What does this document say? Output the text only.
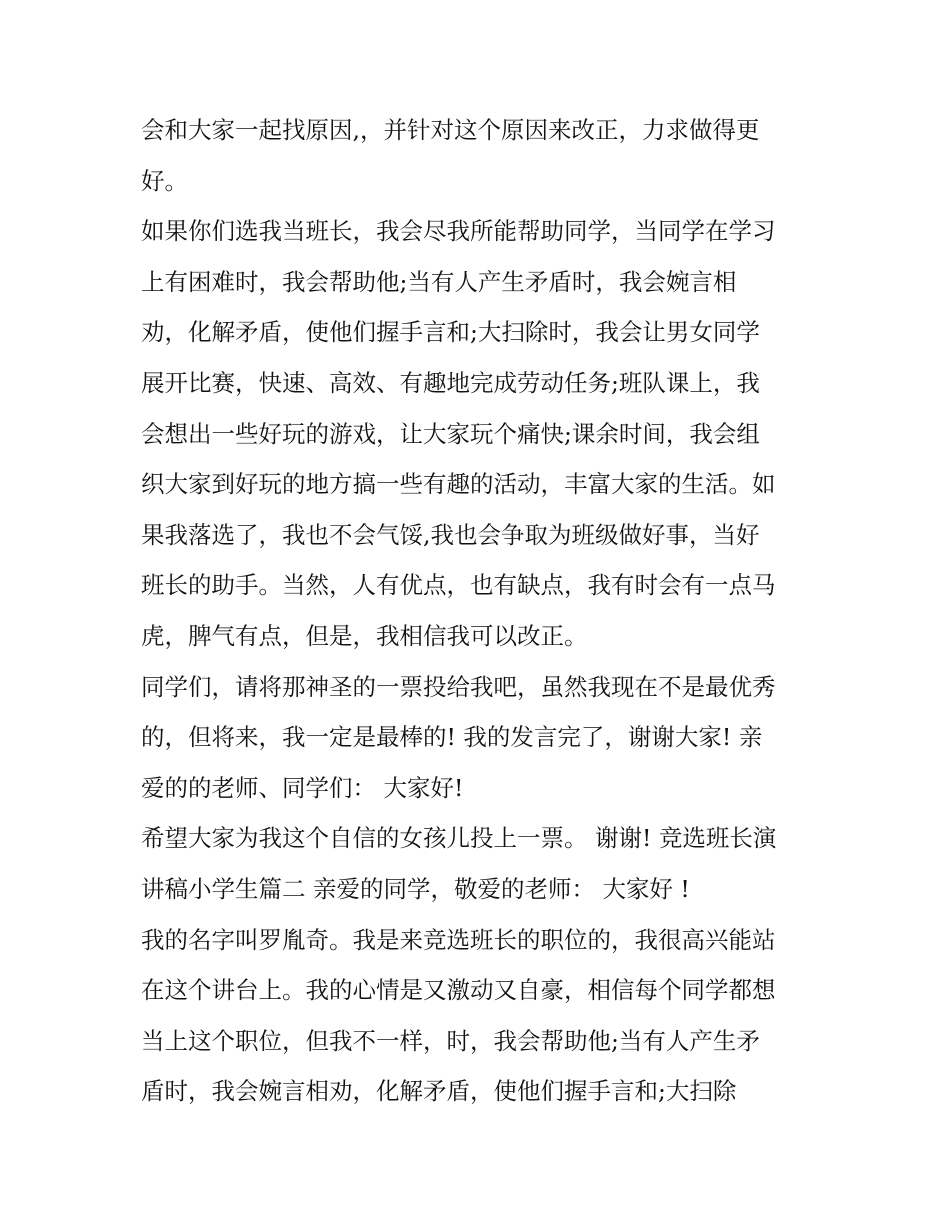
会和大家一起找原因,，并针对这个原因来改正，力求做得更

好。

如果你们选我当班长，我会尽我所能帮助同学，当同学在学习

上有困难时，我会帮助他;当有人产生矛盾时，我会婉言相

劝，化解矛盾，使他们握手言和;大扫除时，我会让男女同学

展开比赛，快速、高效、有趣地完成劳动任务;班队课上，我

会想出一些好玩的游戏，让大家玩个痛快;课余时间，我会组

织大家到好玩的地方搞一些有趣的活动，丰富大家的生活。如

果我落选了，我也不会气馁,我也会争取为班级做好事，当好

班长的助手。当然，人有优点，也有缺点，我有时会有一点马

虎，脾气有点，但是，我相信我可以改正。

同学们，请将那神圣的一票投给我吧，虽然我现在不是最优秀

的，但将来，我一定是最棒的! 我的发言完了，谢谢大家! 亲

爱的的老师、同学们： 大家好!

希望大家为我这个自信的女孩儿投上一票。 谢谢! 竞选班长演

讲稿小学生篇二 亲爱的同学，敬爱的老师： 大家好 !

我的名字叫罗胤奇。我是来竞选班长的职位的，我很高兴能站

在这个讲台上。我的心情是又激动又自豪，相信每个同学都想

当上这个职位，但我不一样，时，我会帮助他;当有人产生矛

盾时，我会婉言相劝，化解矛盾，使他们握手言和;大扫除
